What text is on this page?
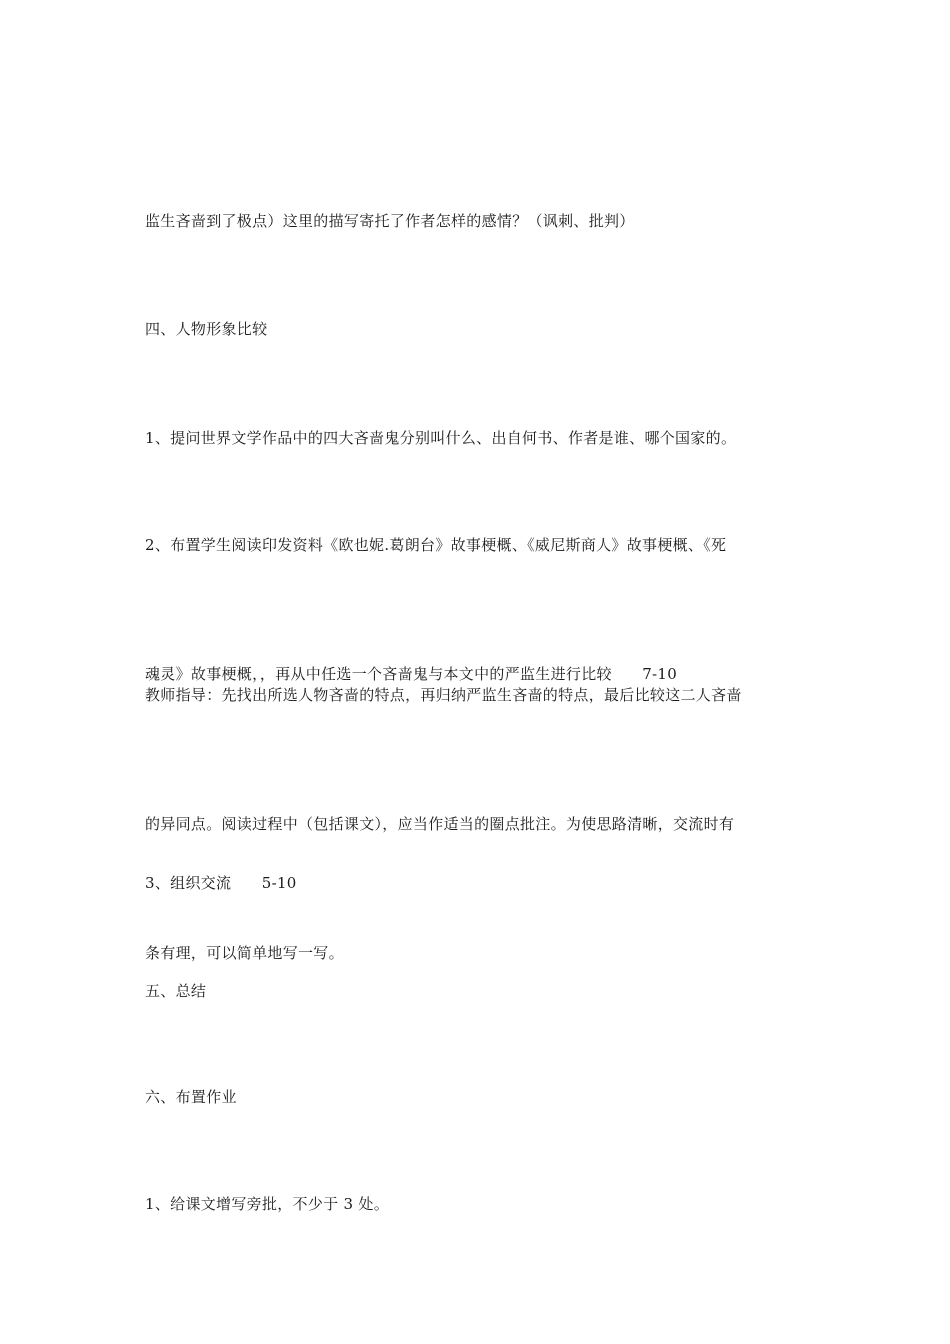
监生吝啬到了极点）这里的描写寄托了作者怎样的感情？（讽刺、批判）

四、人物形象比较

1、提问世界文学作品中的四大吝啬鬼分别叫什么、出自何书、作者是谁、哪个国家的。

2、布置学生阅读印发资料《欧也妮.葛朗台》故事梗概、《威尼斯商人》故事梗概、《死

魂灵》故事梗概，，再从中任选一个吝啬鬼与本文中的严监生进行比较      7-10

教师指导：先找出所选人物吝啬的特点，再归纳严监生吝啬的特点，最后比较这二人吝啬

的异同点。阅读过程中（包括课文），应当作适当的圈点批注。为使思路清晰，交流时有

条有理，可以简单地写一写。

3、组织交流      5-10

五、总结

六、布置作业

1、给课文增写旁批，不少于 3 处。
